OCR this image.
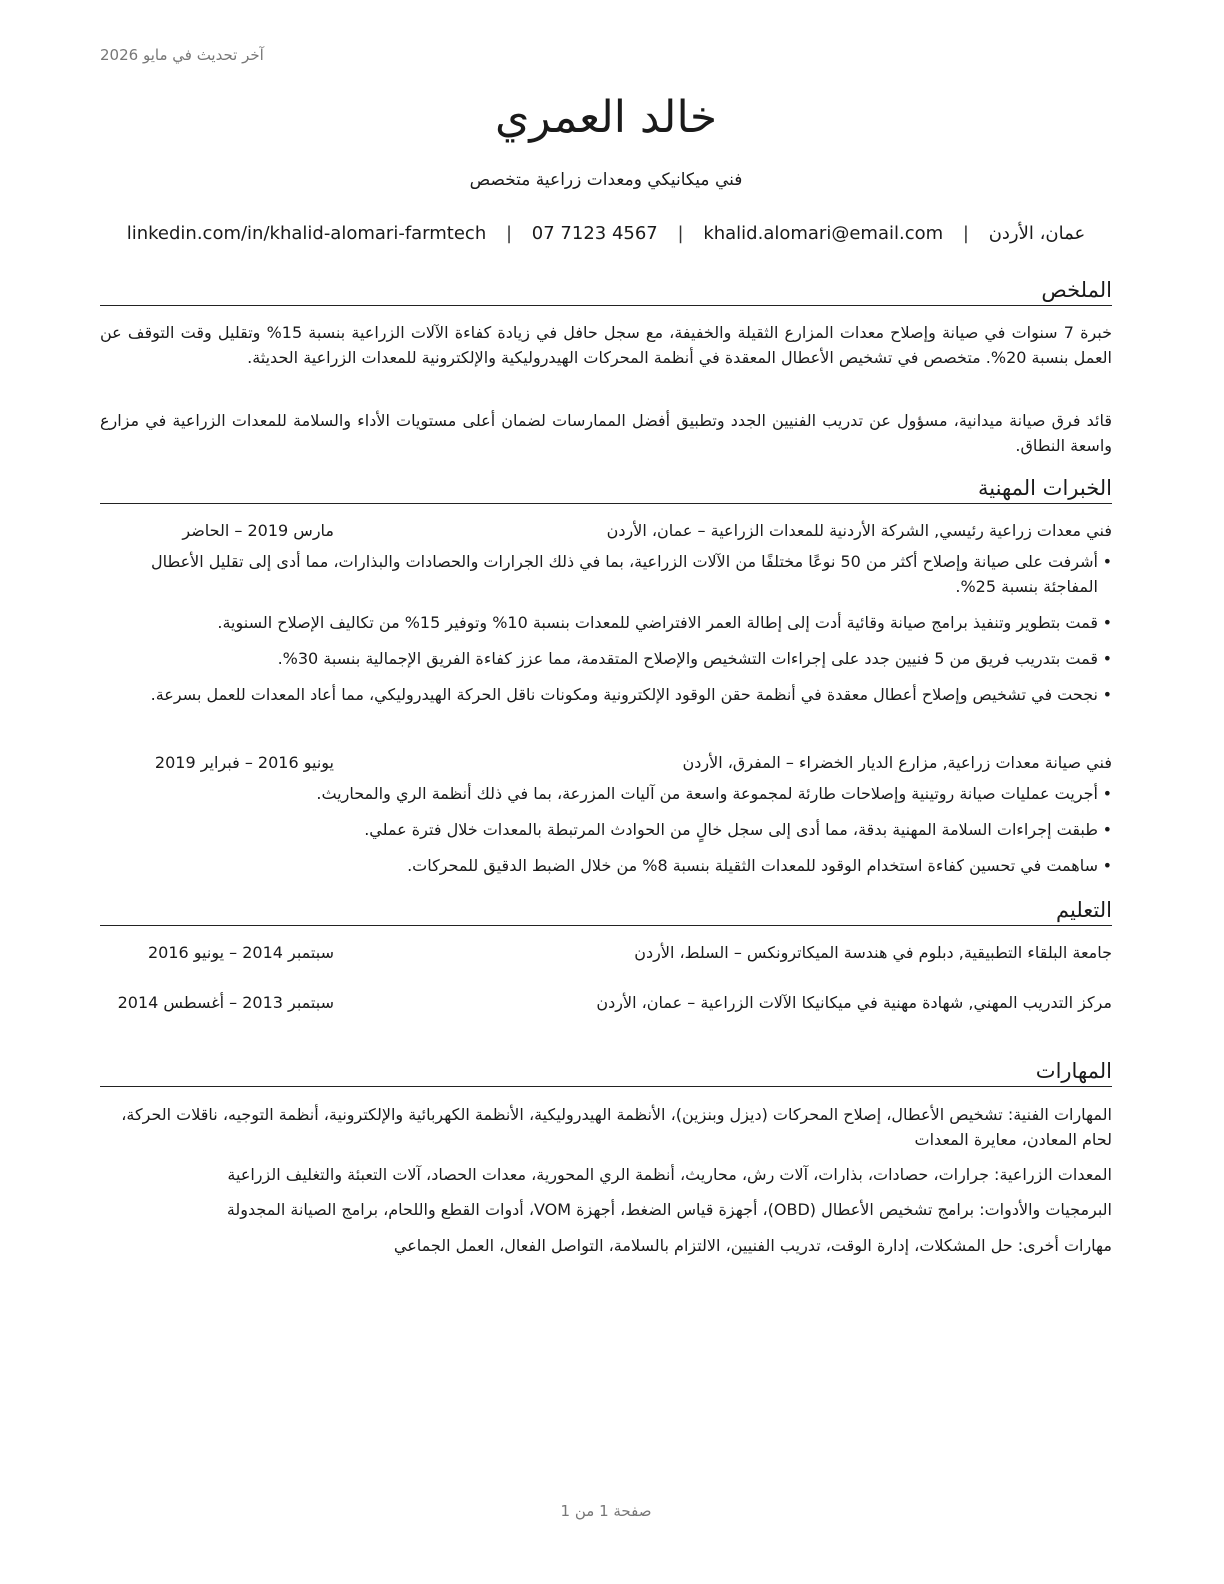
آخر تحديث في مايو 2026
خالد العمري
فني ميكانيكي ومعدات زراعية متخصص
عمان، الأردن | khalid.alomari@email.com | 07 7123 4567 | linkedin.com/in/khalid-alomari-farmtech
الملخص
خبرة 7 سنوات في صيانة وإصلاح معدات المزارع الثقيلة والخفيفة، مع سجل حافل في زيادة كفاءة الآلات الزراعية بنسبة 15% وتقليل وقت التوقف عن العمل بنسبة 20%. متخصص في تشخيص الأعطال المعقدة في أنظمة المحركات الهيدروليكية والإلكترونية للمعدات الزراعية الحديثة.
قائد فرق صيانة ميدانية، مسؤول عن تدريب الفنيين الجدد وتطبيق أفضل الممارسات لضمان أعلى مستويات الأداء والسلامة للمعدات الزراعية في مزارع واسعة النطاق.
الخبرات المهنية
فني معدات زراعية رئيسي, الشركة الأردنية للمعدات الزراعية – عمان، الأردن
مارس 2019 – الحاضر
• أشرفت على صيانة وإصلاح أكثر من 50 نوعًا مختلفًا من الآلات الزراعية، بما في ذلك الجرارات والحصادات والبذارات، مما أدى إلى تقليل الأعطال المفاجئة بنسبة 25%.
• قمت بتطوير وتنفيذ برامج صيانة وقائية أدت إلى إطالة العمر الافتراضي للمعدات بنسبة 10% وتوفير 15% من تكاليف الإصلاح السنوية.
• قمت بتدريب فريق من 5 فنيين جدد على إجراءات التشخيص والإصلاح المتقدمة، مما عزز كفاءة الفريق الإجمالية بنسبة 30%.
• نجحت في تشخيص وإصلاح أعطال معقدة في أنظمة حقن الوقود الإلكترونية ومكونات ناقل الحركة الهيدروليكي، مما أعاد المعدات للعمل بسرعة.
فني صيانة معدات زراعية, مزارع الديار الخضراء – المفرق، الأردن
يونيو 2016 – فبراير 2019
• أجريت عمليات صيانة روتينية وإصلاحات طارئة لمجموعة واسعة من آليات المزرعة، بما في ذلك أنظمة الري والمحاريث.
• طبقت إجراءات السلامة المهنية بدقة، مما أدى إلى سجل خالٍ من الحوادث المرتبطة بالمعدات خلال فترة عملي.
• ساهمت في تحسين كفاءة استخدام الوقود للمعدات الثقيلة بنسبة 8% من خلال الضبط الدقيق للمحركات.
التعليم
جامعة البلقاء التطبيقية, دبلوم في هندسة الميكاترونكس – السلط، الأردن
سبتمبر 2014 – يونيو 2016
مركز التدريب المهني, شهادة مهنية في ميكانيكا الآلات الزراعية – عمان، الأردن
سبتمبر 2013 – أغسطس 2014
المهارات
المهارات الفنية: تشخيص الأعطال، إصلاح المحركات (ديزل وبنزين)، الأنظمة الهيدروليكية، الأنظمة الكهربائية والإلكترونية، أنظمة التوجيه، ناقلات الحركة، لحام المعادن، معايرة المعدات
المعدات الزراعية: جرارات، حصادات، بذارات، آلات رش، محاريث، أنظمة الري المحورية، معدات الحصاد، آلات التعبئة والتغليف الزراعية
البرمجيات والأدوات: برامج تشخيص الأعطال (OBD)، أجهزة قياس الضغط، أجهزة VOM، أدوات القطع واللحام، برامج الصيانة المجدولة
مهارات أخرى: حل المشكلات، إدارة الوقت، تدريب الفنيين، الالتزام بالسلامة، التواصل الفعال، العمل الجماعي
صفحة 1 من 1
